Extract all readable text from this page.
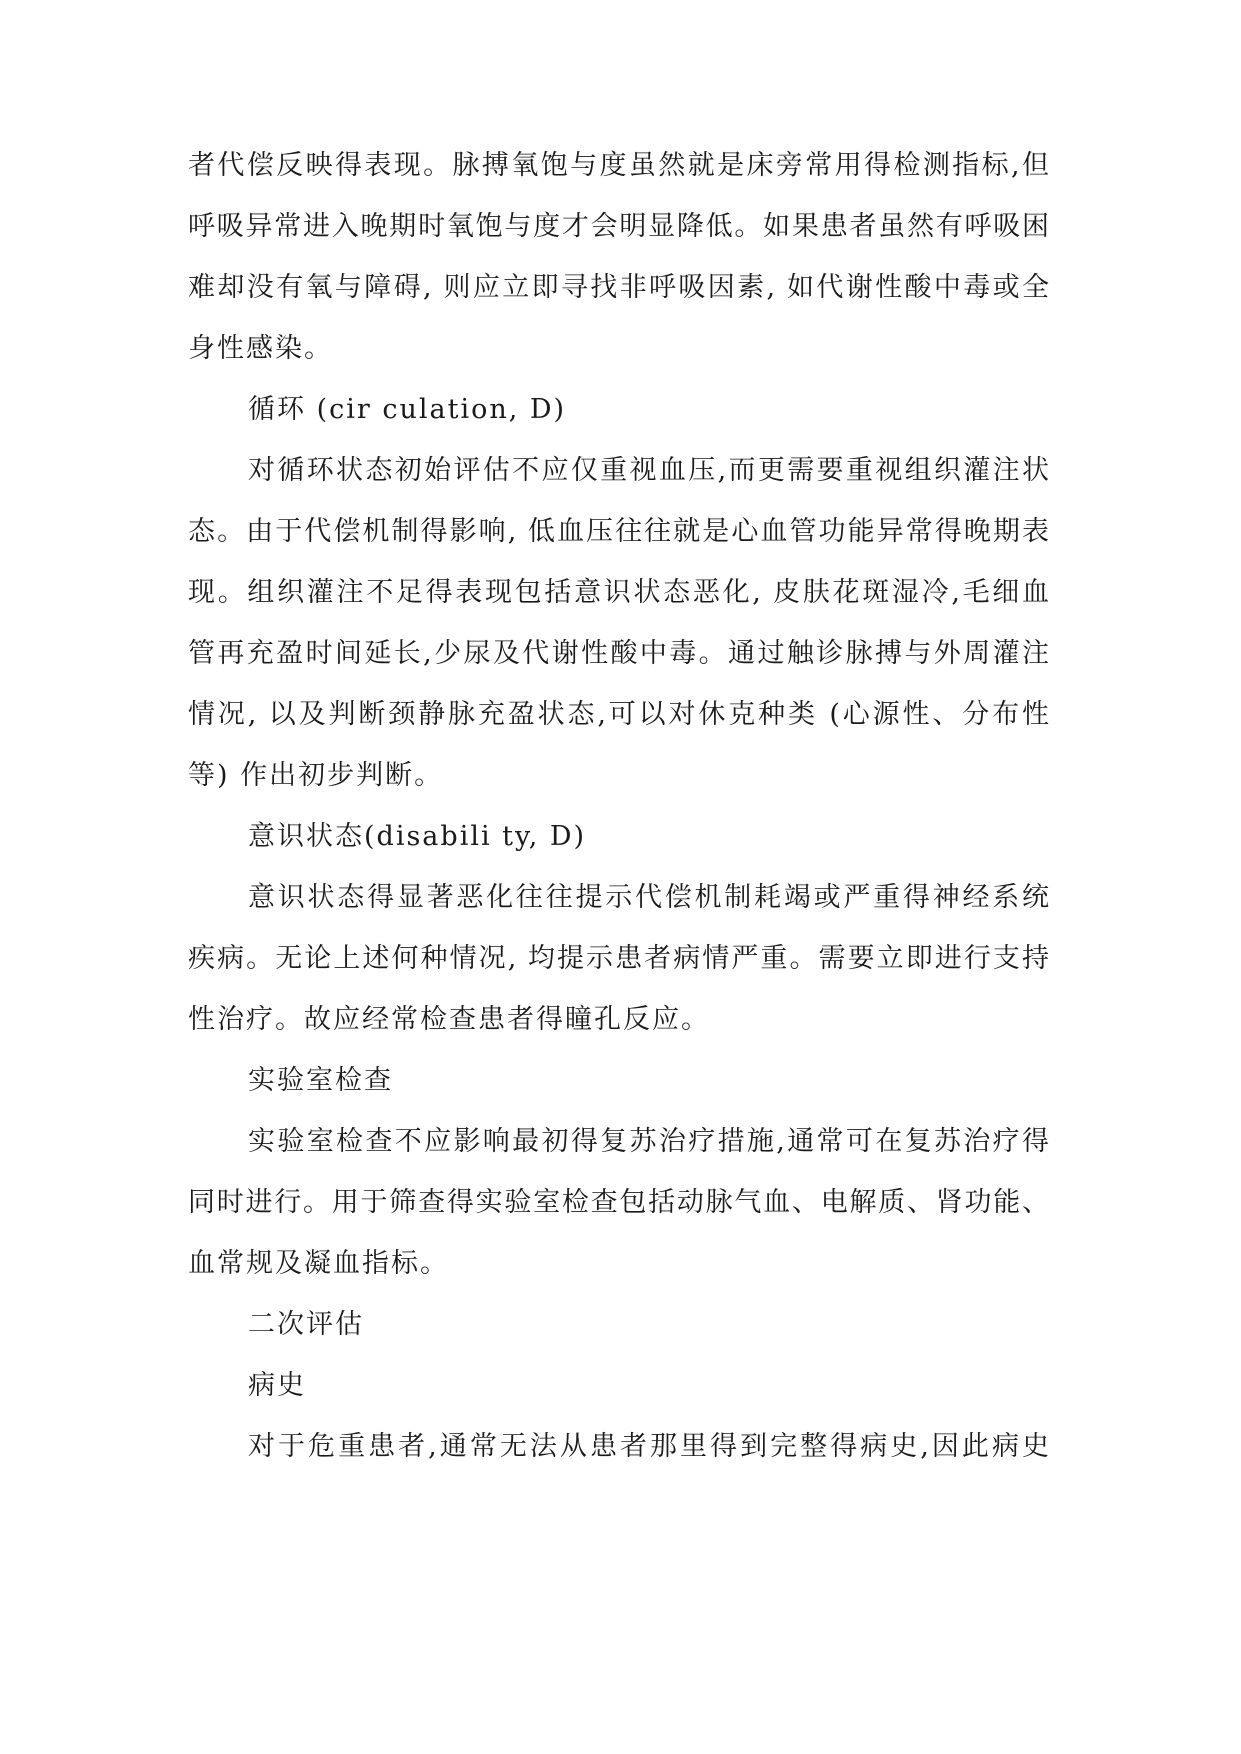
者代偿反映得表现。脉搏氧饱与度虽然就是床旁常用得检测指标,但
呼吸异常进入晚期时氧饱与度才会明显降低。如果患者虽然有呼吸困
难却没有氧与障碍, 则应立即寻找非呼吸因素, 如代谢性酸中毒或全
身性感染。
循环 (cir culation, D)
对循环状态初始评估不应仅重视血压,而更需要重视组织灌注状
态。由于代偿机制得影响, 低血压往往就是心血管功能异常得晚期表
现。组织灌注不足得表现包括意识状态恶化, 皮肤花斑湿冷,毛细血
管再充盈时间延长,少尿及代谢性酸中毒。通过触诊脉搏与外周灌注
情况, 以及判断颈静脉充盈状态,可以对休克种类 (心源性、分布性
等) 作出初步判断。
意识状态(disabili ty, D)
意识状态得显著恶化往往提示代偿机制耗竭或严重得神经系统
疾病。无论上述何种情况, 均提示患者病情严重。需要立即进行支持
性治疗。故应经常检查患者得瞳孔反应。
实验室检查
实验室检查不应影响最初得复苏治疗措施,通常可在复苏治疗得
同时进行。用于筛查得实验室检查包括动脉气血、电解质、肾功能、
血常规及凝血指标。
二次评估
病史
对于危重患者,通常无法从患者那里得到完整得病史,因此病史
